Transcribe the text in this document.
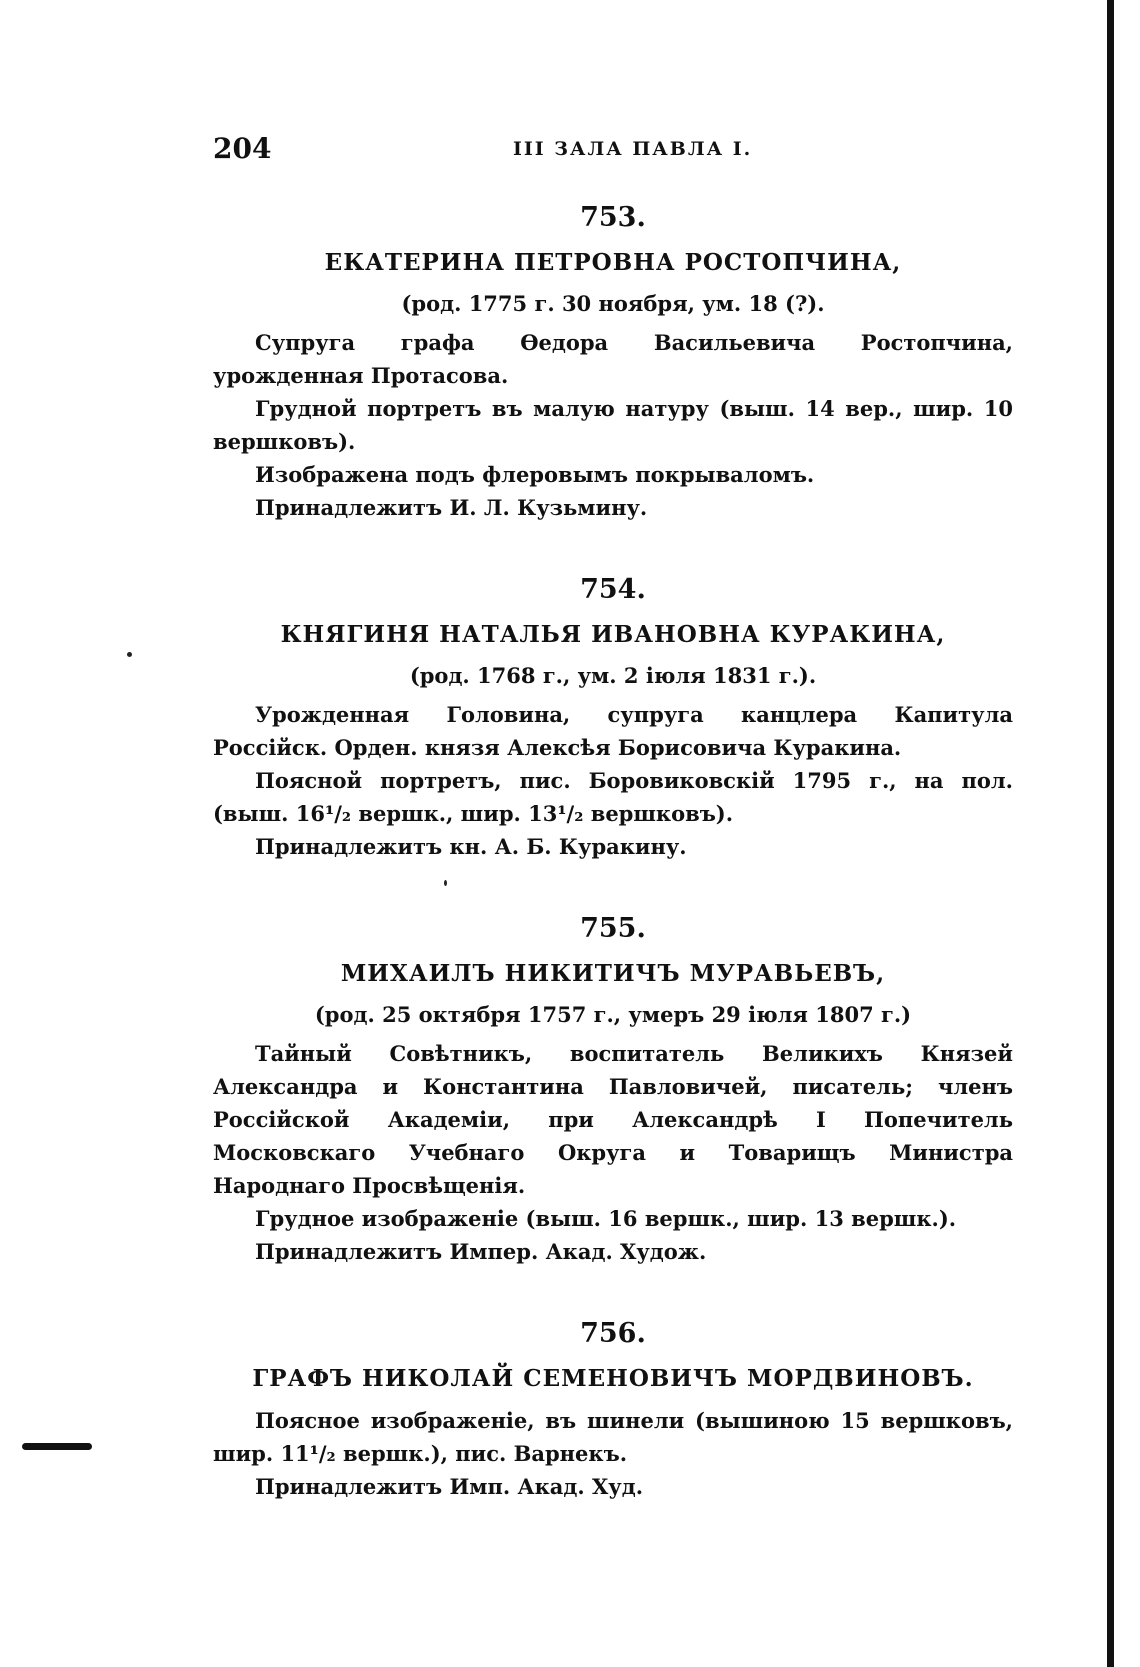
204	III ЗАЛА ПАВЛА I.
753.
ЕКАТЕРИНА ПЕТРОВНА РОСТОПЧИНА,
(род. 1775 г. 30 ноября, ум. 18 (?).

Супруга графа Өедора Васильевича Ростопчина, урожденная Протасова.

Грудной портретъ въ малую натуру (выш. 14 вер., шир. 10 вершковъ).

Изображена подъ флеровымъ покрываломъ.

Принадлежитъ И. Л. Кузьмину.

754.
КНЯГИНЯ НАТАЛЬЯ ИВАНОВНА КУРАКИНА,
(род. 1768 г., ум. 2 іюля 1831 г.).

Урожденная Головина, супруга канцлера Капитула Россійск. Орден. князя Алексѣя Борисовича Куракина.

Поясной портретъ, пис. Боровиковскій 1795 г., на пол. (выш. 16¹/₂ вершк., шир. 13¹/₂ вершковъ).

Принадлежитъ кн. А. Б. Куракину.

755.
МИХАИЛЪ НИКИТИЧЪ МУРАВЬЕВЪ,
(род. 25 октября 1757 г., умеръ 29 іюля 1807 г.)

Тайный Совѣтникъ, воспитатель Великихъ Князей Александра и Константина Павловичей, писатель; членъ Россійской Академіи, при Александрѣ I Попечитель Московскаго Учебнаго Округа и Товарищъ Министра Народнаго Просвѣщенія.

Грудное изображеніе (выш. 16 вершк., шир. 13 вершк.).

Принадлежитъ Импер. Акад. Худож.

756.
ГРАФЪ НИКОЛАЙ СЕМЕНОВИЧЪ МОРДВИНОВЪ.

Поясное изображеніе, въ шинели (вышиною 15 вершковъ, шир. 11¹/₂ вершк.), пис. Варнекъ.

Принадлежитъ Имп. Акад. Худ.
